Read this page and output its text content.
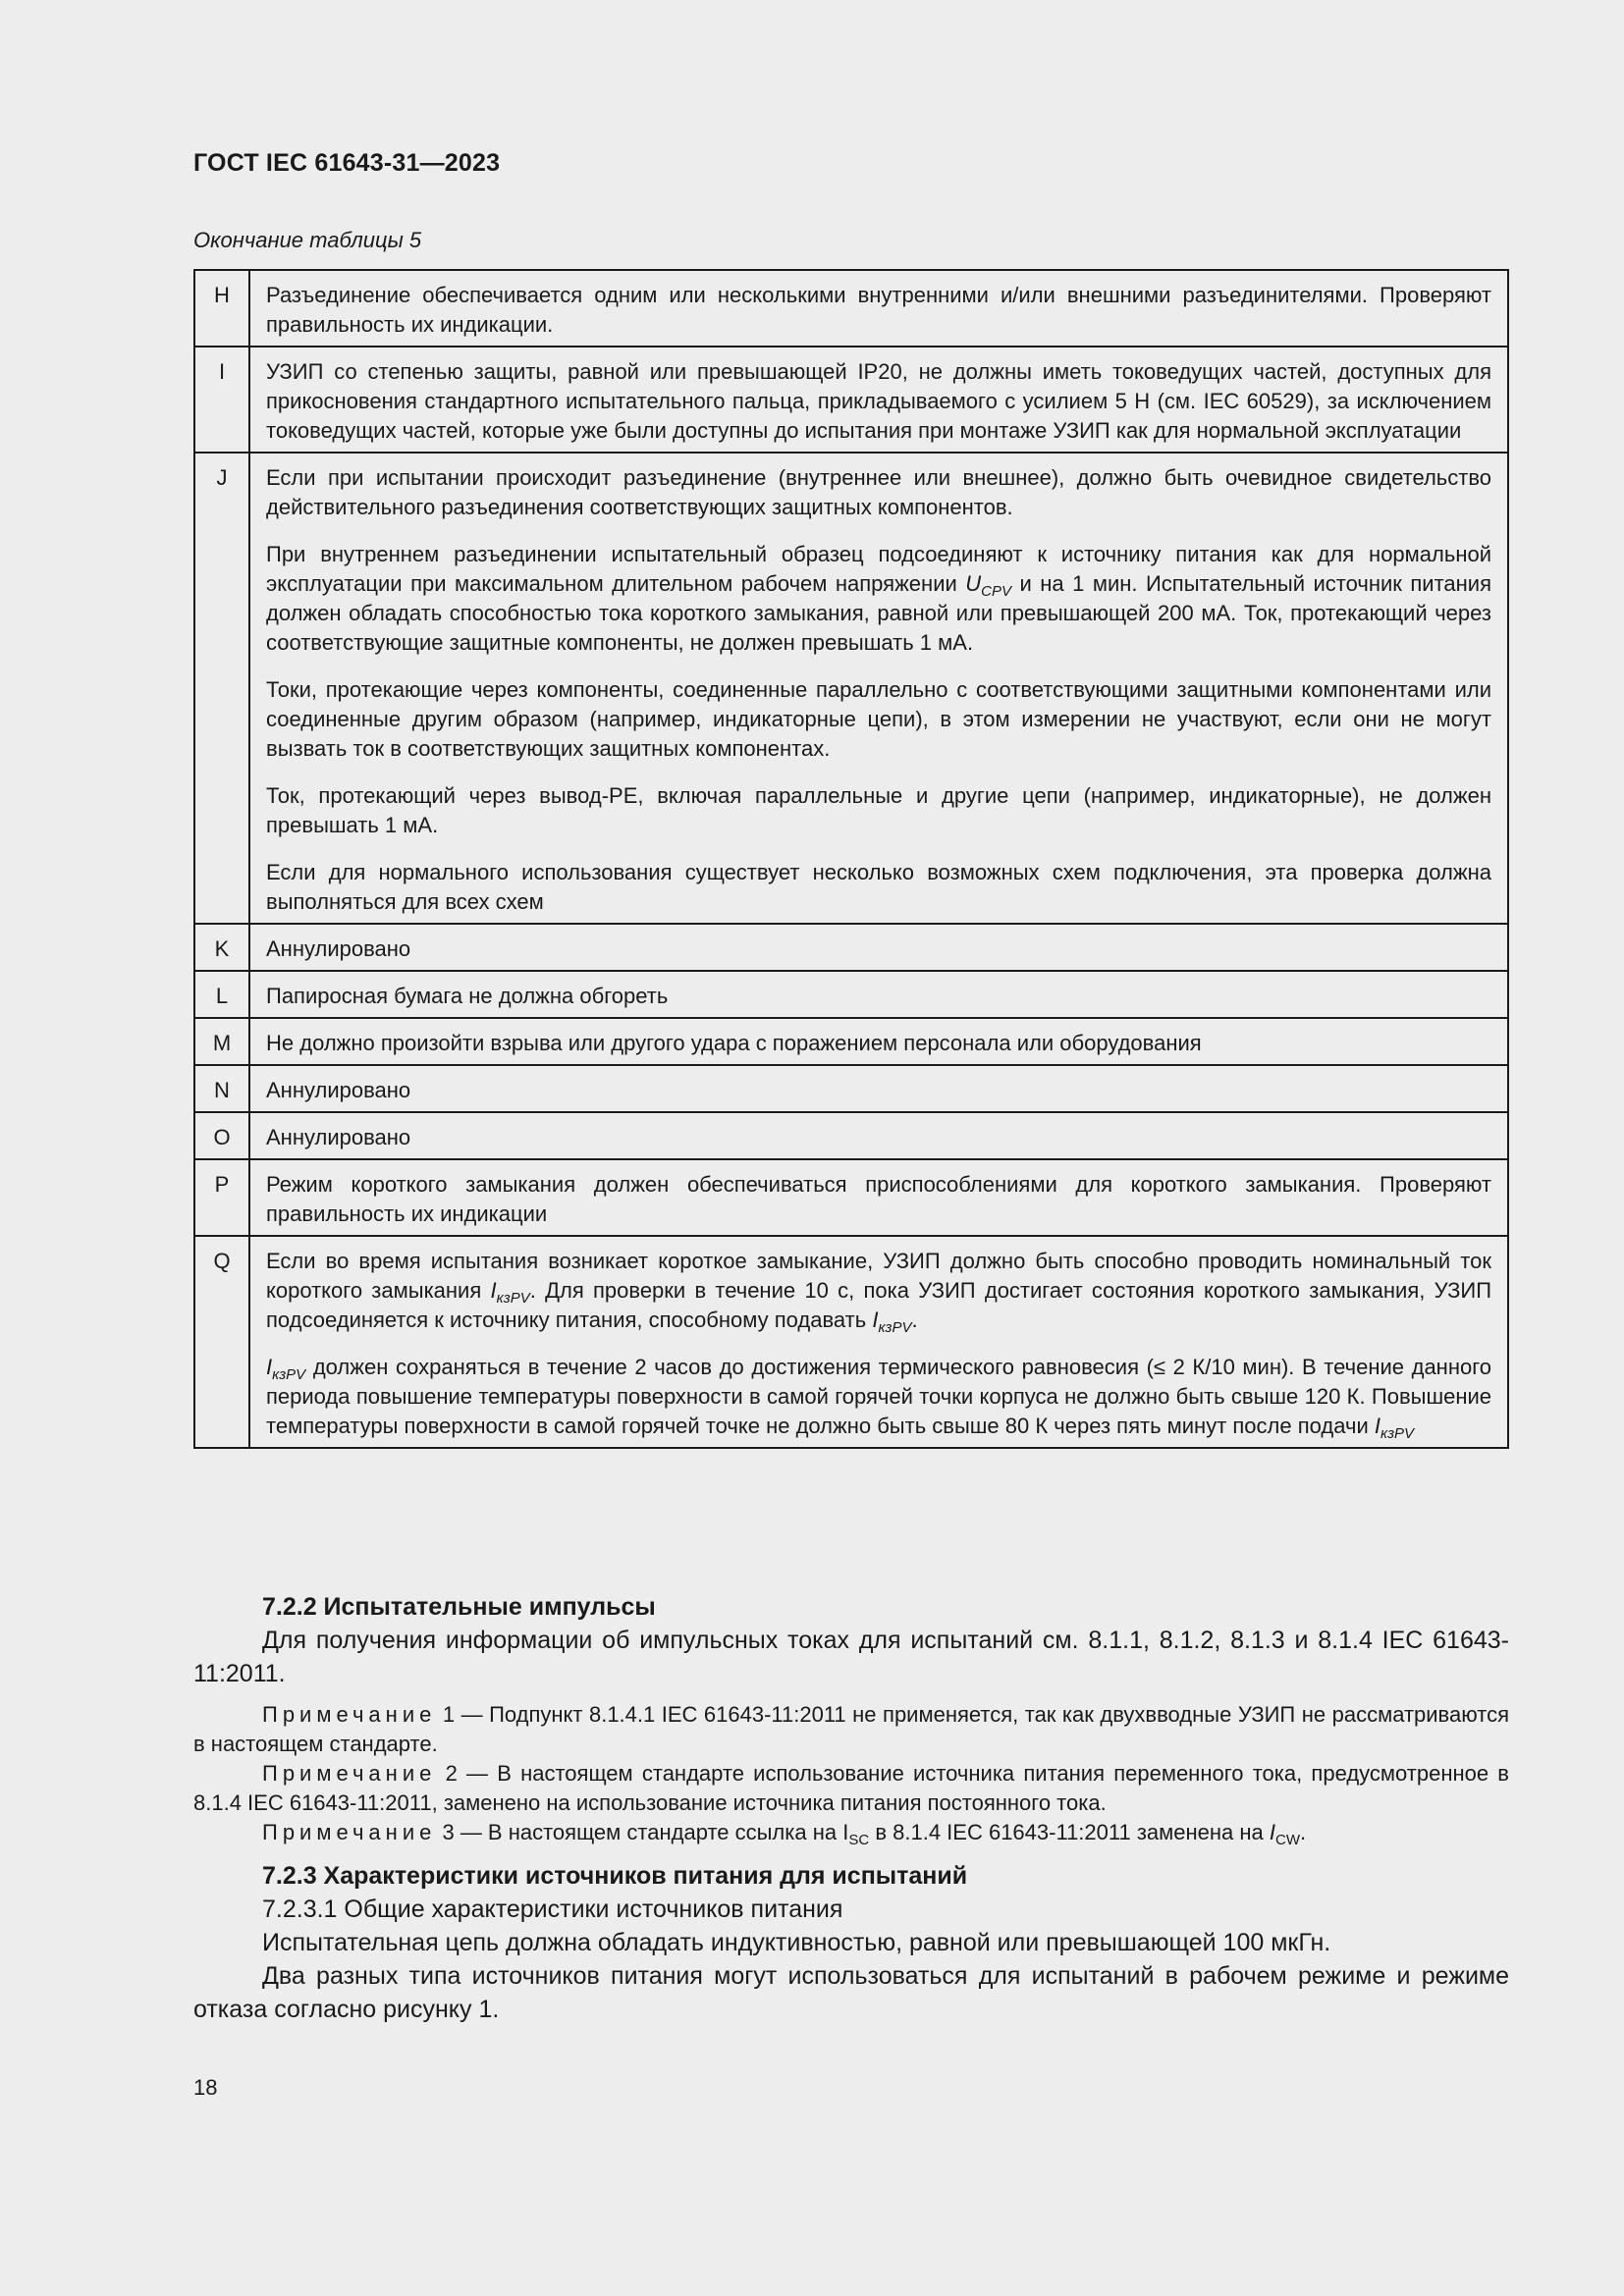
ГОСТ IEC 61643-31—2023
Окончание таблицы 5
H	Разъединение обеспечивается одним или несколькими внутренними и/или внешними разъединителями. Проверяют правильность их индикации.

I	УЗИП со степенью защиты, равной или превышающей IP20, не должны иметь токоведущих частей, доступных для прикосновения стандартного испытательного пальца, прикладываемого с усилием 5 Н (см. IEC 60529), за исключением токоведущих частей, которые уже были доступны до испытания при монтаже УЗИП как для нормальной эксплуатации

J	Если при испытании происходит разъединение (внутреннее или внешнее), должно быть очевидное свидетельство действительного разъединения соответствующих защитных компонентов.

При внутреннем разъединении испытательный образец подсоединяют к источнику питания как для нормальной эксплуатации при максимальном длительном рабочем напряжении $U_{CPV}$ и на 1 мин. Испытательный источник питания должен обладать способностью тока короткого замыкания, равной или превышающей 200 мА. Ток, протекающий через соответствующие защитные компоненты, не должен превышать 1 мА.

Токи, протекающие через компоненты, соединенные параллельно с соответствующими защитными компонентами или соединенные другим образом (например, индикаторные цепи), в этом измерении не участвуют, если они не могут вызвать ток в соответствующих защитных компонентах.

Ток, протекающий через вывод-PE, включая параллельные и другие цепи (например, индикаторные), не должен превышать 1 мА.

Если для нормального использования существует несколько возможных схем подключения, эта проверка должна выполняться для всех схем

K	Аннулировано

L	Папиросная бумага не должна обгореть

M	Не должно произойти взрыва или другого удара с поражением персонала или оборудования

N	Аннулировано

O	Аннулировано

P	Режим короткого замыкания должен обеспечиваться приспособлениями для короткого замыкания. Проверяют правильность их индикации

Q	Если во время испытания возникает короткое замыкание, УЗИП должно быть способно проводить номинальный ток короткого замыкания $I_{кзPV}$. Для проверки в течение 10 с, пока УЗИП достигает состояния короткого замыкания, УЗИП подсоединяется к источнику питания, способному подавать $I_{кзPV}$.

$I_{кзPV}$ должен сохраняться в течение 2 часов до достижения термического равновесия (≤ 2 К/10 мин). В течение данного периода повышение температуры поверхности в самой горячей точки корпуса не должно быть свыше 120 К. Повышение температуры поверхности в самой горячей точке не должно быть свыше 80 К через пять минут после подачи $I_{кзPV}$

7.2.2 Испытательные импульсы

Для получения информации об импульсных токах для испытаний см. 8.1.1, 8.1.2, 8.1.3 и 8.1.4 IEC 61643-11:2011.

Примечание 1 — Подпункт 8.1.4.1 IEC 61643-11:2011 не применяется, так как двухвводные УЗИП не рассматриваются в настоящем стандарте.

Примечание 2 — В настоящем стандарте использование источника питания переменного тока, предусмотренное в 8.1.4 IEC 61643-11:2011, заменено на использование источника питания постоянного тока.

Примечание 3 — В настоящем стандарте ссылка на $I_{SC}$ в 8.1.4 IEC 61643-11:2011 заменена на $I_{CW}$.

7.2.3 Характеристики источников питания для испытаний

7.2.3.1 Общие характеристики источников питания

Испытательная цепь должна обладать индуктивностью, равной или превышающей 100 мкГн.

Два разных типа источников питания могут использоваться для испытаний в рабочем режиме и режиме отказа согласно рисунку 1.

18
